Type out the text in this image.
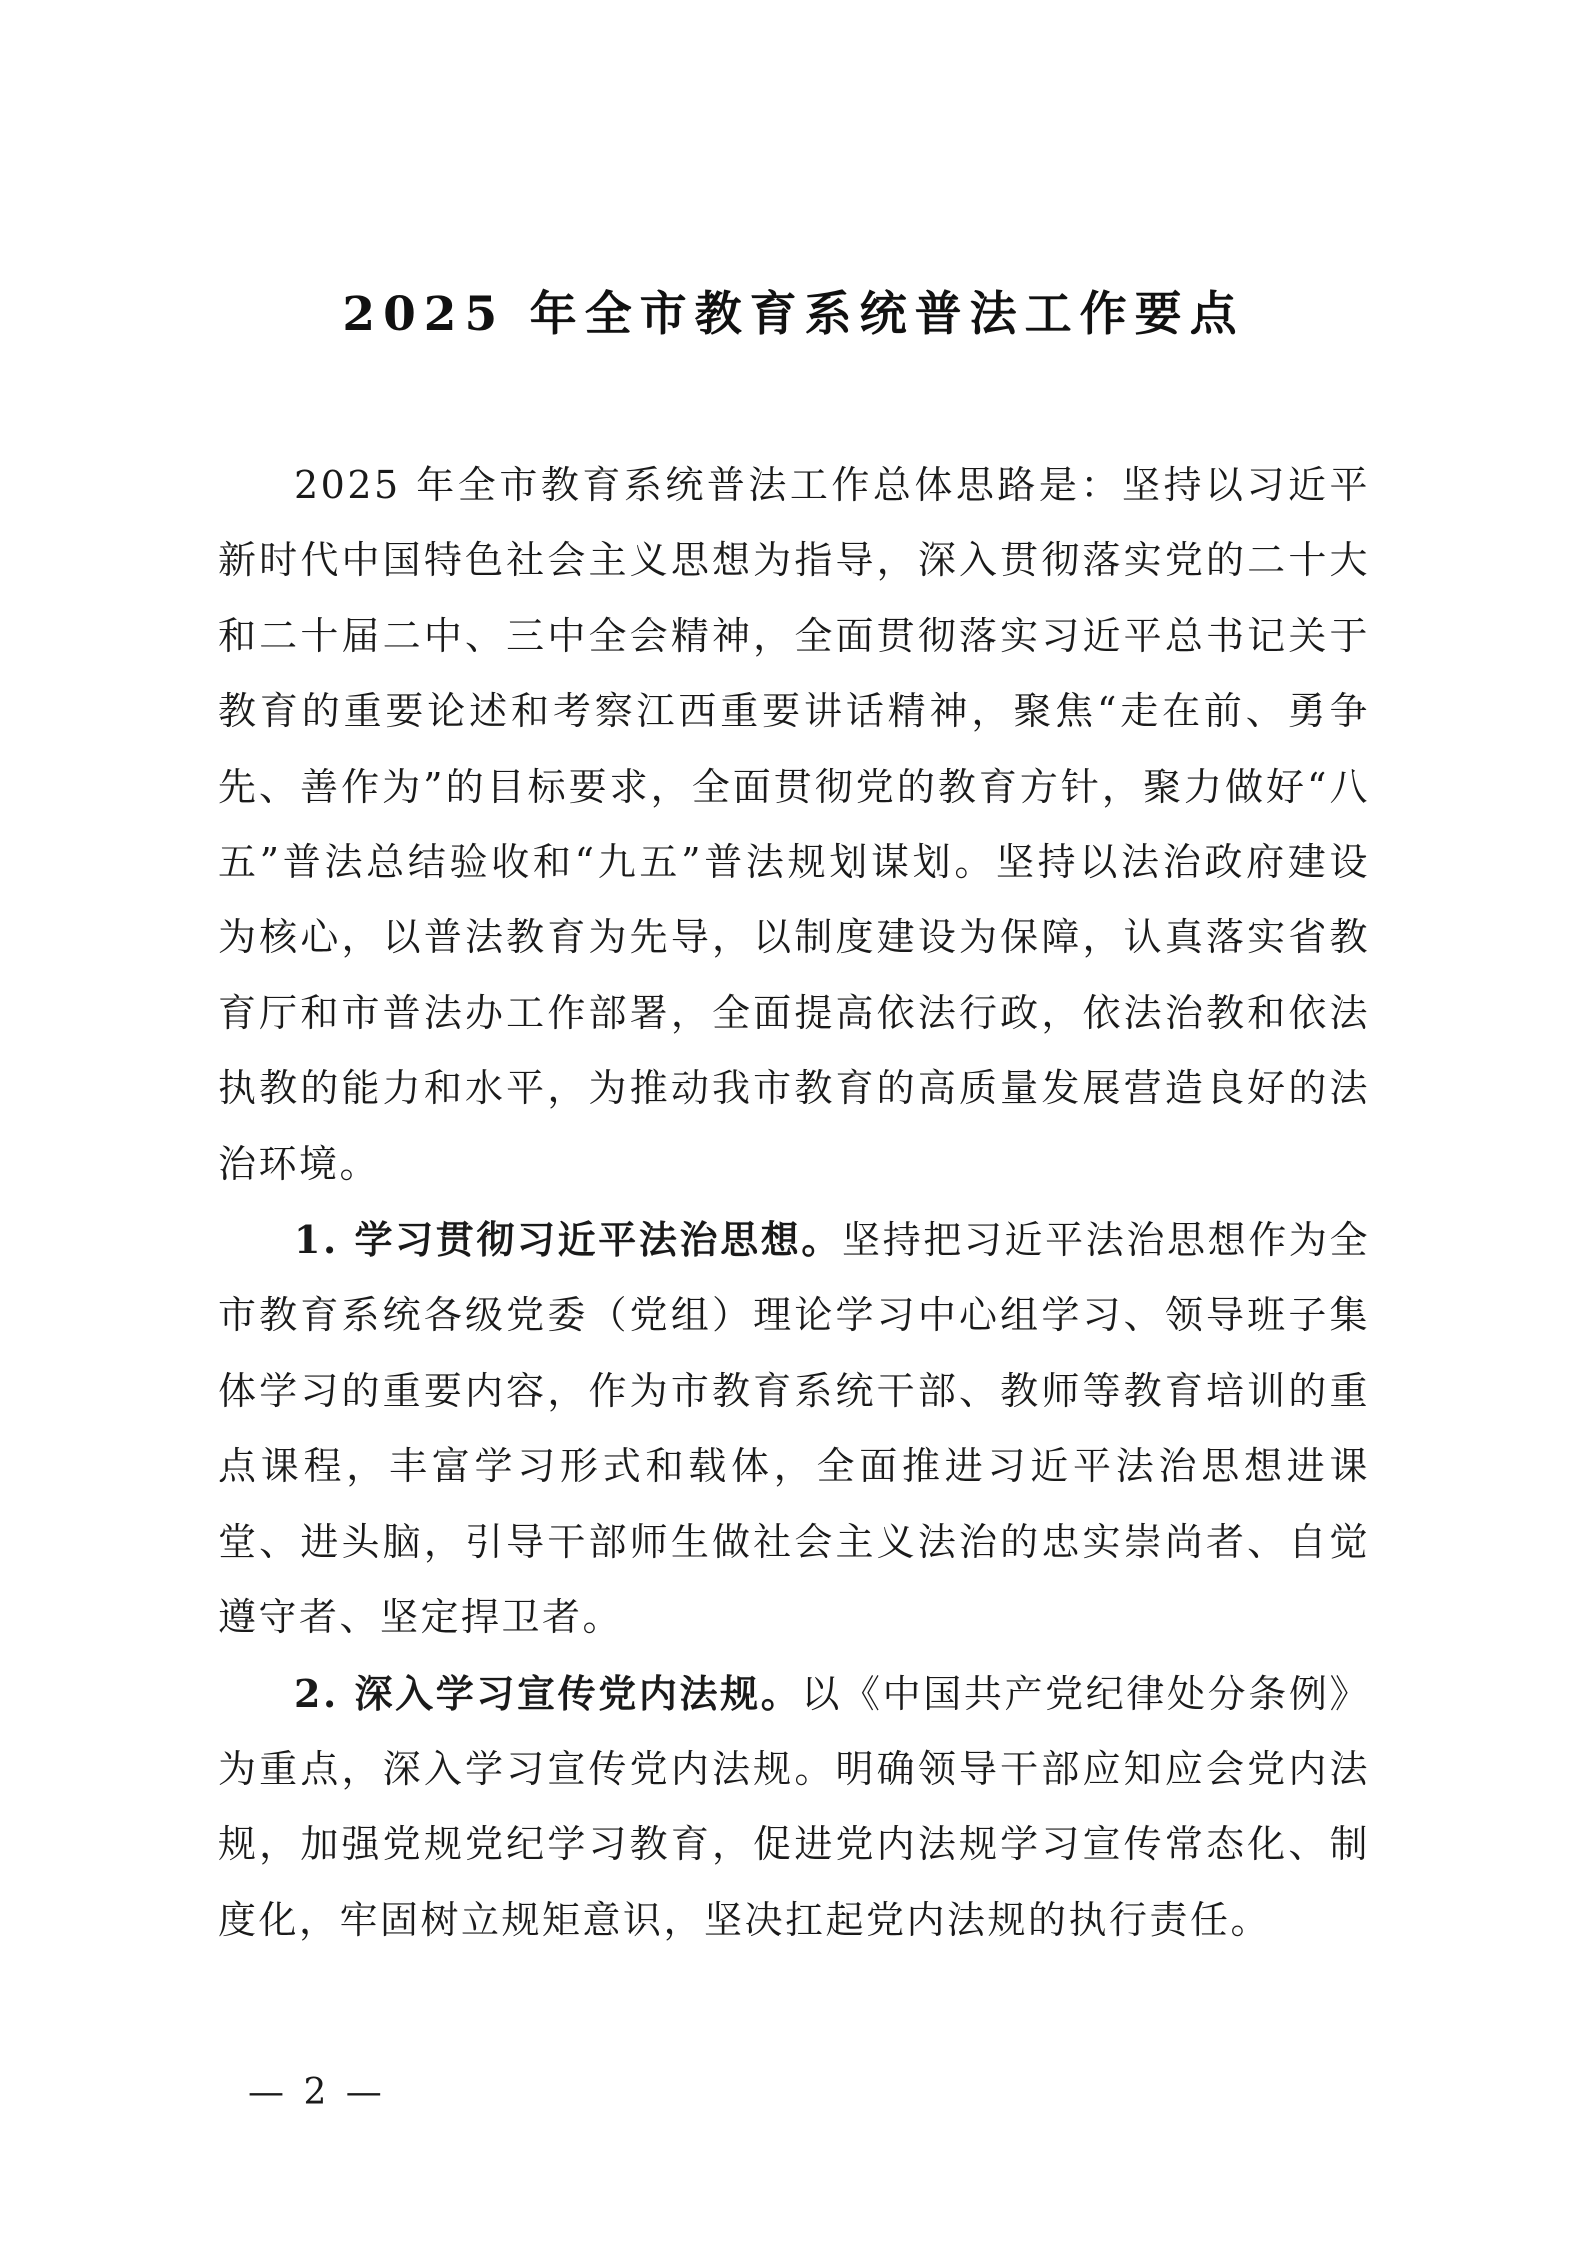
2025 年全市教育系统普法工作要点

2025 年全市教育系统普法工作总体思路是：坚持以习近平新时代中国特色社会主义思想为指导，深入贯彻落实党的二十大和二十届二中、三中全会精神，全面贯彻落实习近平总书记关于教育的重要论述和考察江西重要讲话精神，聚焦“走在前、勇争先、善作为”的目标要求，全面贯彻党的教育方针，聚力做好“八五”普法总结验收和“九五”普法规划谋划。坚持以法治政府建设为核心，以普法教育为先导，以制度建设为保障，认真落实省教育厅和市普法办工作部署，全面提高依法行政，依法治教和依法执教的能力和水平，为推动我市教育的高质量发展营造良好的法治环境。

1. 学习贯彻习近平法治思想。坚持把习近平法治思想作为全市教育系统各级党委（党组）理论学习中心组学习、领导班子集体学习的重要内容，作为市教育系统干部、教师等教育培训的重点课程，丰富学习形式和载体，全面推进习近平法治思想进课堂、进头脑，引导干部师生做社会主义法治的忠实崇尚者、自觉遵守者、坚定捍卫者。

2. 深入学习宣传党内法规。以《中国共产党纪律处分条例》为重点，深入学习宣传党内法规。明确领导干部应知应会党内法规，加强党规党纪学习教育，促进党内法规学习宣传常态化、制度化，牢固树立规矩意识，坚决扛起党内法规的执行责任。

— 2 —
